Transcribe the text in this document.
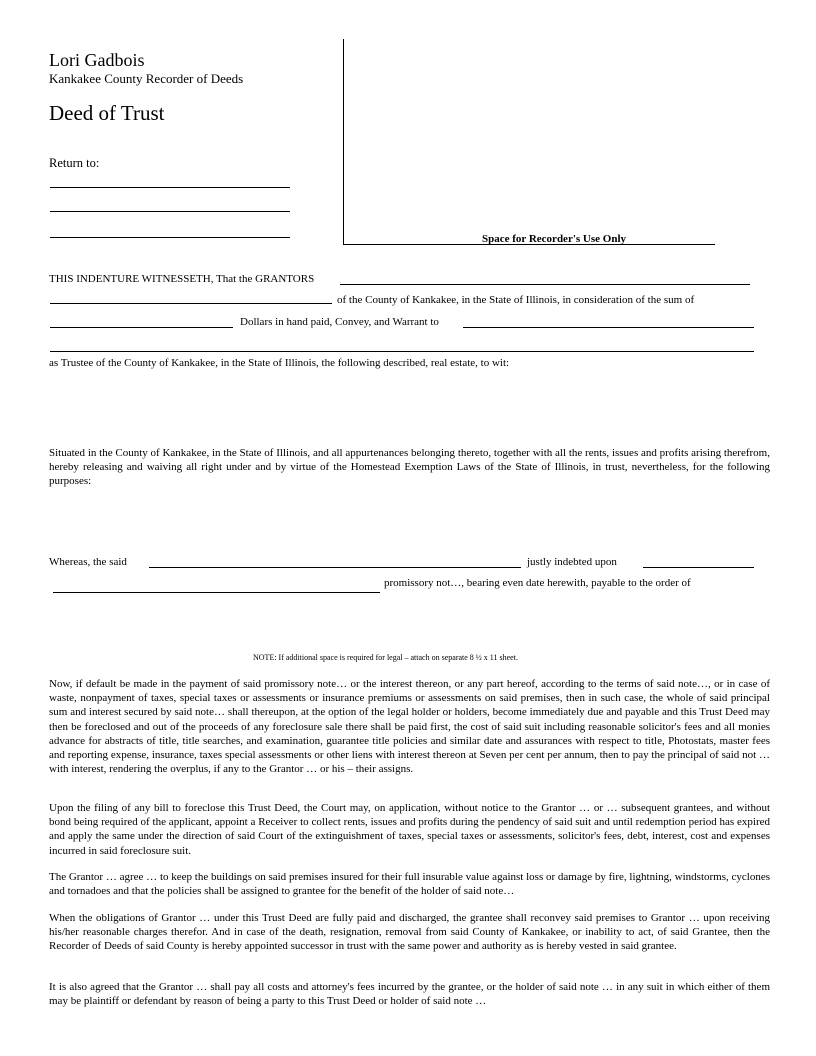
Lori Gadbois
Kankakee County Recorder of Deeds
Deed of Trust
Return to:
Space for Recorder's Use Only
THIS INDENTURE WITNESSETH, That the GRANTORS
of the County of Kankakee, in the State of Illinois, in consideration of the sum of
Dollars in hand paid, Convey, and Warrant to
as Trustee of the County of Kankakee, in the State of Illinois, the following described, real estate, to wit:

Situated in the County of Kankakee, in the State of Illinois, and all appurtenances belonging thereto, together with all the rents, issues and profits arising therefrom, hereby releasing and waiving all right under and by virtue of the Homestead Exemption Laws of the State of Illinois, in trust, nevertheless, for the following purposes:

Whereas, the said	justly indebted upon
promissory not…, bearing even date herewith, payable to the order of
NOTE: If additional space is required for legal – attach on separate 8 ½ x 11 sheet.

Now, if default be made in the payment of said promissory note… or the interest thereon, or any part hereof, according to the terms of said note…, or in case of waste, nonpayment of taxes, special taxes or assessments or insurance premiums or assessments on said premises, then in such case, the whole of said principal sum and interest secured by said note… shall thereupon, at the option of the legal holder or holders, become immediately due and payable and this Trust Deed may then be foreclosed and out of the proceeds of any foreclosure sale there shall be paid first, the cost of said suit including reasonable solicitor's fees and all monies advance for abstracts of title, title searches, and examination, guarantee title policies and similar date and assurances with respect to title, Photostats, master fees and reporting expense, insurance, taxes special assessments or other liens with interest thereon at Seven per cent per annum, then to pay the principal of said not … with interest, rendering the overplus, if any to the Grantor … or his – their assigns.

Upon the filing of any bill to foreclose this Trust Deed, the Court may, on application, without notice to the Grantor … or … subsequent grantees, and without bond being required of the applicant, appoint a Receiver to collect rents, issues and profits during the pendency of said suit and until redemption period has expired and apply the same under the direction of said Court of the extinguishment of taxes, special taxes or assessments, solicitor's fees, debt, interest, cost and expenses incurred in said foreclosure suit.

The Grantor … agree … to keep the buildings on said premises insured for their full insurable value against loss or damage by fire, lightning, windstorms, cyclones and tornadoes and that the policies shall be assigned to grantee for the benefit of the holder of said note…

When the obligations of Grantor … under this Trust Deed are fully paid and discharged, the grantee shall reconvey said premises to Grantor … upon receiving his/her reasonable charges therefor. And in case of the death, resignation, removal from said County of Kankakee, or inability to act, of said Grantee, then the Recorder of Deeds of said County is hereby appointed successor in trust with the same power and authority as is hereby vested in said grantee.

It is also agreed that the Grantor … shall pay all costs and attorney's fees incurred by the grantee, or the holder of said note … in any suit in which either of them may be plaintiff or defendant by reason of being a party to this Trust Deed or holder of said note …
